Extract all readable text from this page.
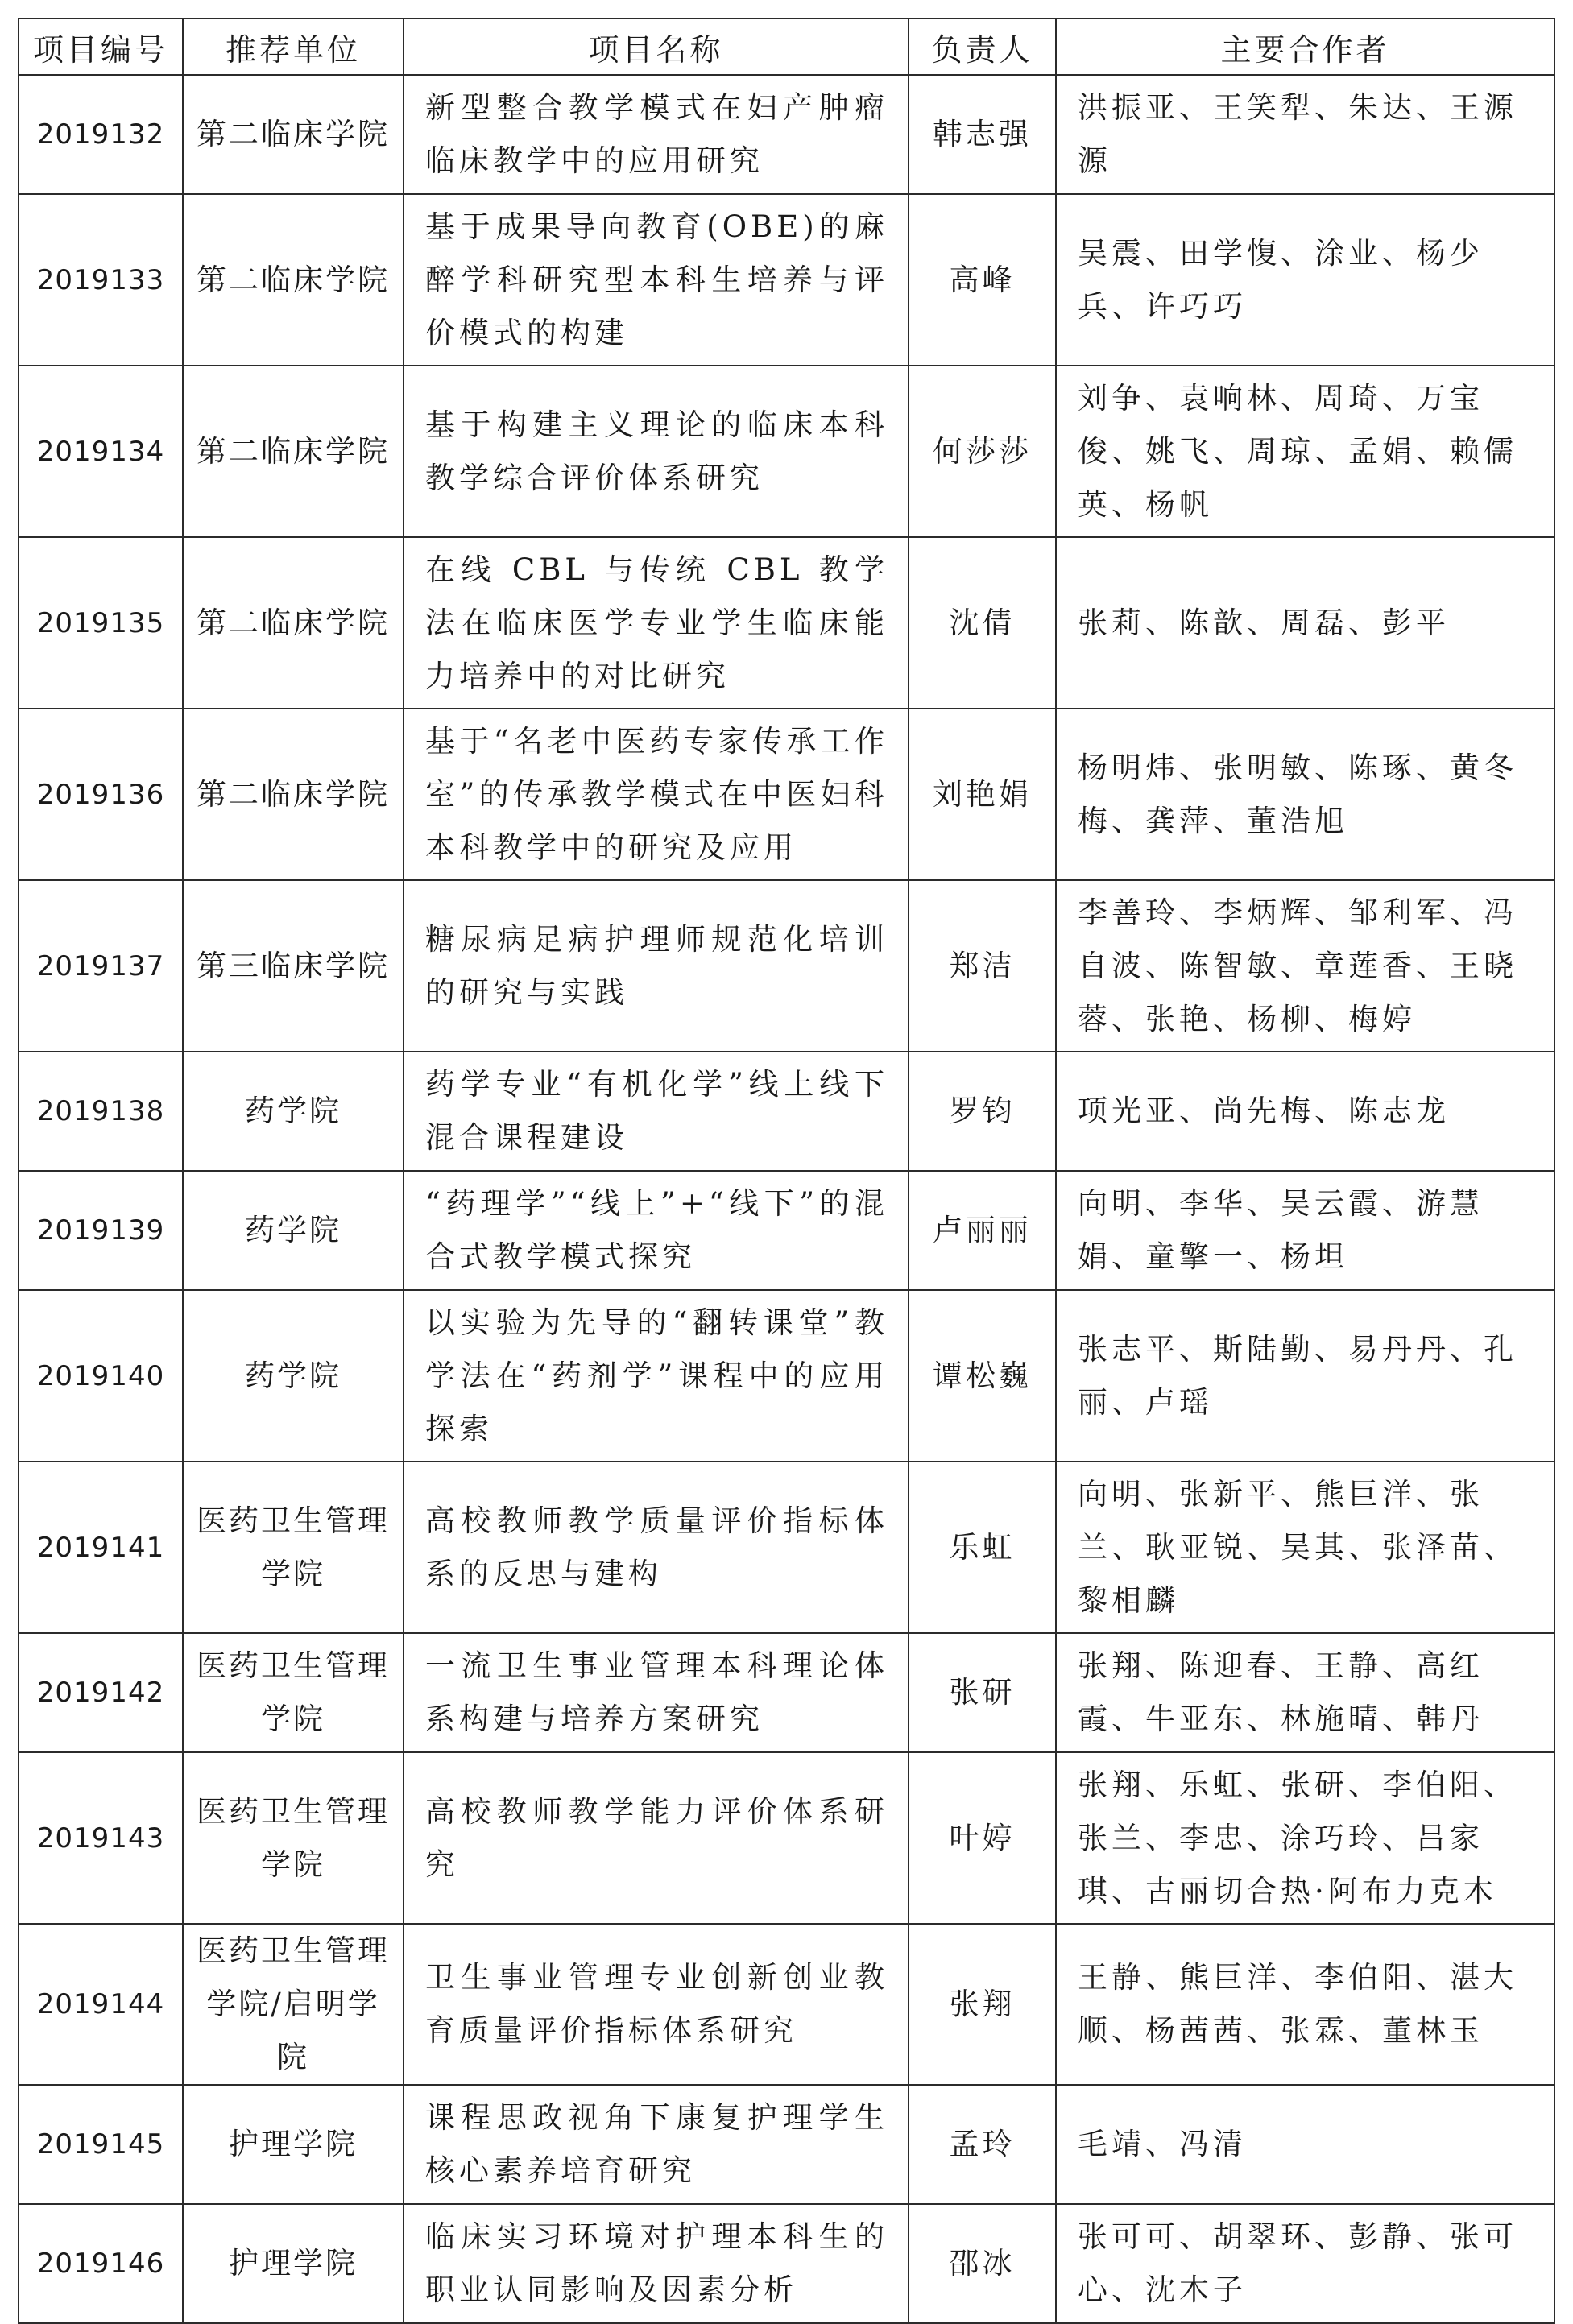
项目编号	推荐单位	项目名称	负责人	主要合作者
2019132	第二临床学院	新型整合教学模式在妇产肿瘤临床教学中的应用研究	韩志强	洪振亚、王笑犁、朱达、王源源
2019133	第二临床学院	基于成果导向教育(OBE)的麻醉学科研究型本科生培养与评价模式的构建	高峰	吴震、田学愎、涂业、杨少兵、许巧巧
2019134	第二临床学院	基于构建主义理论的临床本科教学综合评价体系研究	何莎莎	刘争、袁响林、周琦、万宝俊、姚飞、周琼、孟娟、赖儒英、杨帆
2019135	第二临床学院	在线 CBL 与传统 CBL 教学法在临床医学专业学生临床能力培养中的对比研究	沈倩	张莉、陈歆、周磊、彭平
2019136	第二临床学院	基于“名老中医药专家传承工作室”的传承教学模式在中医妇科本科教学中的研究及应用	刘艳娟	杨明炜、张明敏、陈琢、黄冬梅、龚萍、董浩旭
2019137	第三临床学院	糖尿病足病护理师规范化培训的研究与实践	郑洁	李善玲、李炳辉、邹利军、冯自波、陈智敏、章莲香、王晓蓉、张艳、杨柳、梅婷
2019138	药学院	药学专业“有机化学”线上线下混合课程建设	罗钧	项光亚、尚先梅、陈志龙
2019139	药学院	“药理学”“线上”+“线下”的混合式教学模式探究	卢丽丽	向明、李华、吴云霞、游慧娟、童擎一、杨坦
2019140	药学院	以实验为先导的“翻转课堂”教学法在“药剂学”课程中的应用探索	谭松巍	张志平、斯陆勤、易丹丹、孔丽、卢瑶
2019141	医药卫生管理学院	高校教师教学质量评价指标体系的反思与建构	乐虹	向明、张新平、熊巨洋、张兰、耿亚锐、吴其、张泽苗、黎相麟
2019142	医药卫生管理学院	一流卫生事业管理本科理论体系构建与培养方案研究	张研	张翔、陈迎春、王静、高红霞、牛亚东、林施晴、韩丹
2019143	医药卫生管理学院	高校教师教学能力评价体系研究	叶婷	张翔、乐虹、张研、李伯阳、张兰、李忠、涂巧玲、吕家琪、古丽切合热·阿布力克木
2019144	医药卫生管理学院/启明学院	卫生事业管理专业创新创业教育质量评价指标体系研究	张翔	王静、熊巨洋、李伯阳、湛大顺、杨茜茜、张霖、董林玉
2019145	护理学院	课程思政视角下康复护理学生核心素养培育研究	孟玲	毛靖、冯清
2019146	护理学院	临床实习环境对护理本科生的职业认同影响及因素分析	邵冰	张可可、胡翠环、彭静、张可心、沈木子
